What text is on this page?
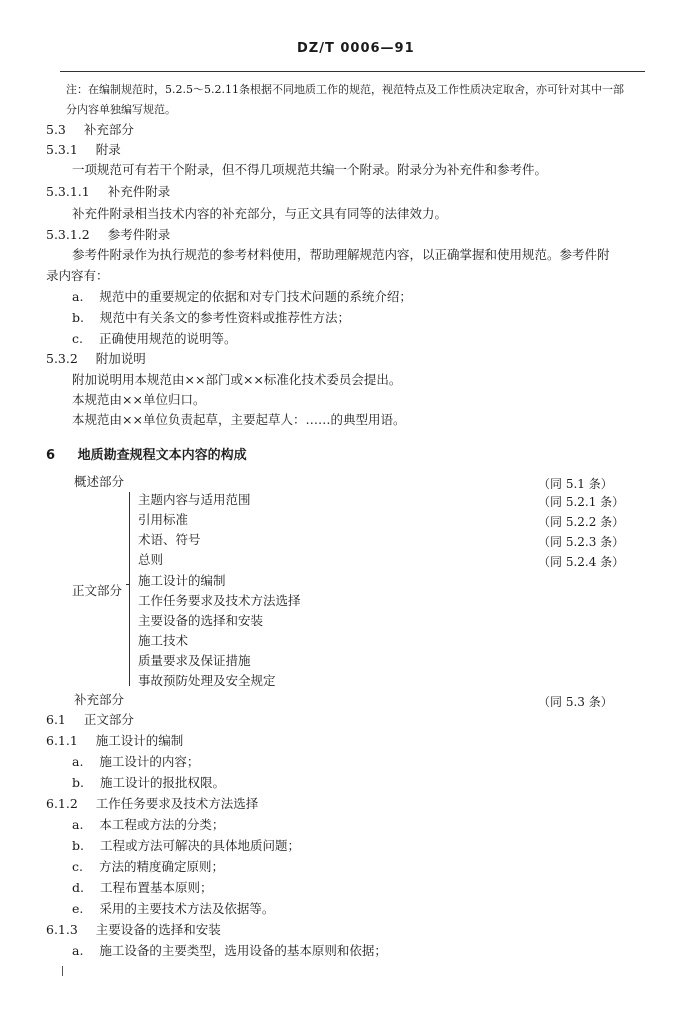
DZ/T 0006—91
注：在编制规范时，5.2.5～5.2.11条根据不同地质工作的规范，视范特点及工作性质决定取舍，亦可针对其中一部
分内容单独编写规范。
5.3 补充部分
5.3.1 附录
一项规范可有若干个附录，但不得几项规范共编一个附录。附录分为补充件和参考件。
5.3.1.1 补充件附录
补充件附录相当技术内容的补充部分，与正文具有同等的法律效力。
5.3.1.2 参考件附录
参考件附录作为执行规范的参考材料使用，帮助理解规范内容，以正确掌握和使用规范。参考件附
录内容有：
a. 规范中的重要规定的依据和对专门技术问题的系统介绍；
b. 规范中有关条文的参考性资料或推荐性方法；
c. 正确使用规范的说明等。
5.3.2 附加说明
附加说明用本规范由××部门或××标准化技术委员会提出。
本规范由××单位归口。
本规范由××单位负责起草，主要起草人：……的典型用语。
6 地质勘查规程文本内容的构成
概述部分	（同 5.1 条）
正文部分
主题内容与适用范围	（同 5.2.1 条）
引用标准	（同 5.2.2 条）
术语、符号	（同 5.2.3 条）
总则	（同 5.2.4 条）
施工设计的编制
工作任务要求及技术方法选择
主要设备的选择和安装
施工技术
质量要求及保证措施
事故预防处理及安全规定
补充部分	（同 5.3 条）
6.1 正文部分
6.1.1 施工设计的编制
a. 施工设计的内容；
b. 施工设计的报批权限。
6.1.2 工作任务要求及技术方法选择
a. 本工程或方法的分类；
b. 工程或方法可解决的具体地质问题；
c. 方法的精度确定原则；
d. 工程布置基本原则；
e. 采用的主要技术方法及依据等。
6.1.3 主要设备的选择和安装
a. 施工设备的主要类型，选用设备的基本原则和依据；
